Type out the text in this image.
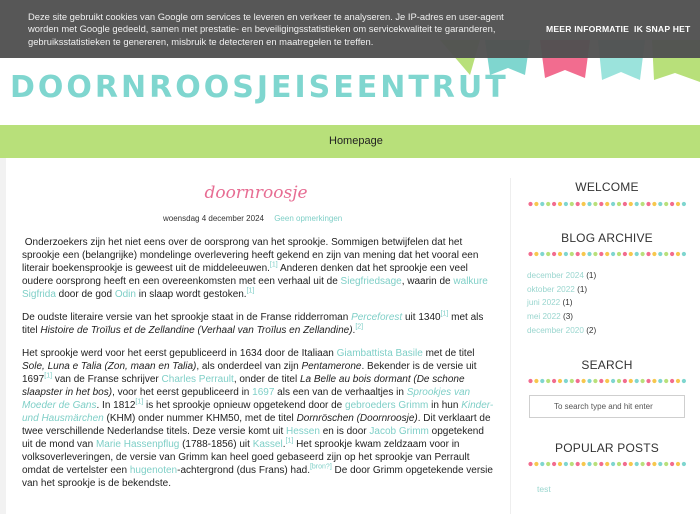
DOORNROOSJEISEENTRUT
Deze site gebruikt cookies van Google om services te leveren en verkeer te analyseren. Je IP-adres en user-agent worden met Google gedeeld, samen met prestatie- en beveiligingsstatistieken om servicekwaliteit te garanderen, gebruiksstatistieken te genereren, misbruik te detecteren en maatregelen te treffen.
MEER INFORMATIE IK SNAP HET
Homepage
doornroosje
woensdag 4 december 2024 Geen opmerkingen

Onderzoekers zijn het niet eens over de oorsprong van het sprookje. Sommigen betwijfelen dat het sprookje een (belangrijke) mondelinge overlevering heeft gekend en zijn van mening dat het vooral een literair boekensprookje is geweest uit de middeleeuwen.[1] Anderen denken dat het sprookje een veel oudere oorsprong heeft en een overeenkomsten met een verhaal uit de Siegfriedsage, waarin de walkure Sigfrida door de god Odin in slaap wordt gestoken.[1]

De oudste literaire versie van het sprookje staat in de Franse ridderroman Perceforest uit 1340[1] met als titel Histoire de Troïlus et de Zellandine (Verhaal van Troïlus en Zellandine).[2]

Het sprookje werd voor het eerst gepubliceerd in 1634 door de Italiaan Giambattista Basile met de titel Sole, Luna e Talia (Zon, maan en Talia), als onderdeel van zijn Pentamerone. Bekender is de versie uit 1697[1] van de Franse schrijver Charles Perrault, onder de titel La Belle au bois dormant (De schone slaapster in het bos), voor het eerst gepubliceerd in 1697 als een van de verhaaltjes in Sprookjes van Moeder de Gans. In 1812[1] is het sprookje opnieuw opgetekend door de gebroeders Grimm in hun Kinder- und Hausmärchen (KHM) onder nummer KHM50, met de titel Dornröschen (Doornroosje). Dit verklaart de twee verschillende Nederlandse titels. Deze versie komt uit Hessen en is door Jacob Grimm opgetekend uit de mond van Marie Hassenpflug (1788-1856) uit Kassel.[1] Het sprookje kwam zeldzaam voor in volksoverleveringen, de versie van Grimm kan heel goed gebaseerd zijn op het sprookje van Perrault omdat de vertelster een hugenoten-achtergrond (dus Frans) had.[bron?] De door Grimm opgetekende versie van het sprookje is de bekendste.

WELCOME
BLOG ARCHIVE
december 2024 (1)
oktober 2022 (1)
juni 2022 (1)
mei 2022 (3)
december 2020 (2)
SEARCH
To search type and hit enter
POPULAR POSTS
test
